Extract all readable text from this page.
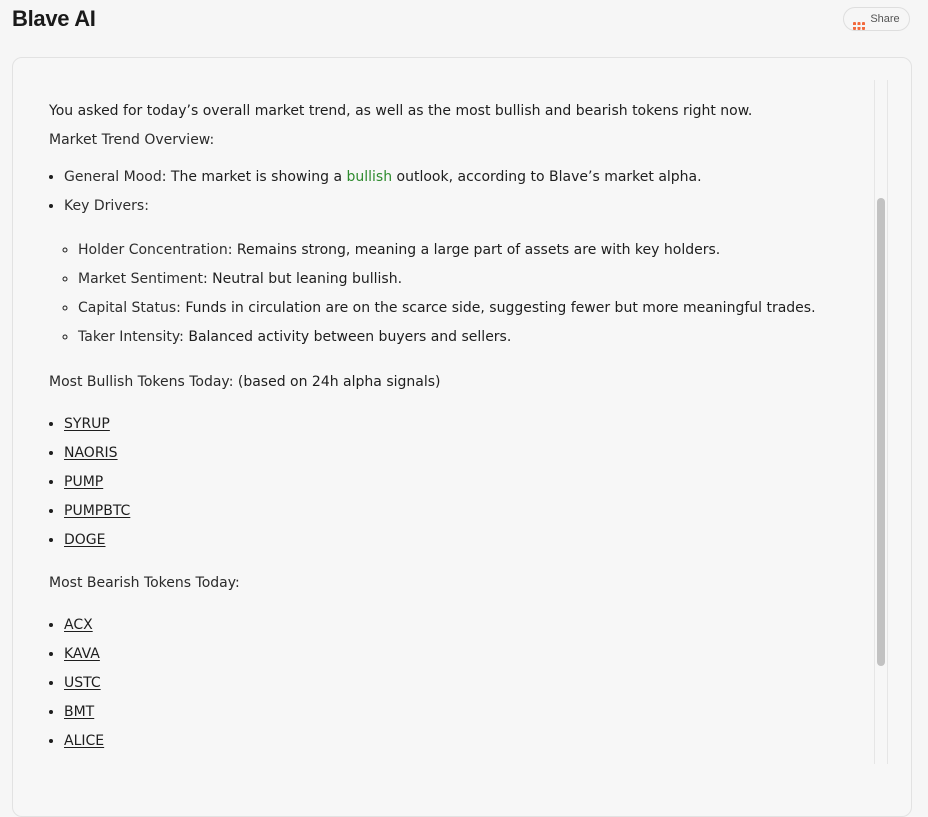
Blave AI	Share

You asked for today’s overall market trend, as well as the most bullish and bearish tokens right now.

Market Trend Overview:

• General Mood: The market is showing a bullish outlook, according to Blave’s market alpha.
• Key Drivers:
◦ Holder Concentration: Remains strong, meaning a large part of assets are with key holders.
◦ Market Sentiment: Neutral but leaning bullish.
◦ Capital Status: Funds in circulation are on the scarce side, suggesting fewer but more meaningful trades.
◦ Taker Intensity: Balanced activity between buyers and sellers.

Most Bullish Tokens Today: (based on 24h alpha signals)

• SYRUP
• NAORIS
• PUMP
• PUMPBTC
• DOGE

Most Bearish Tokens Today:

• ACX
• KAVA
• USTC
• BMT
• ALICE
